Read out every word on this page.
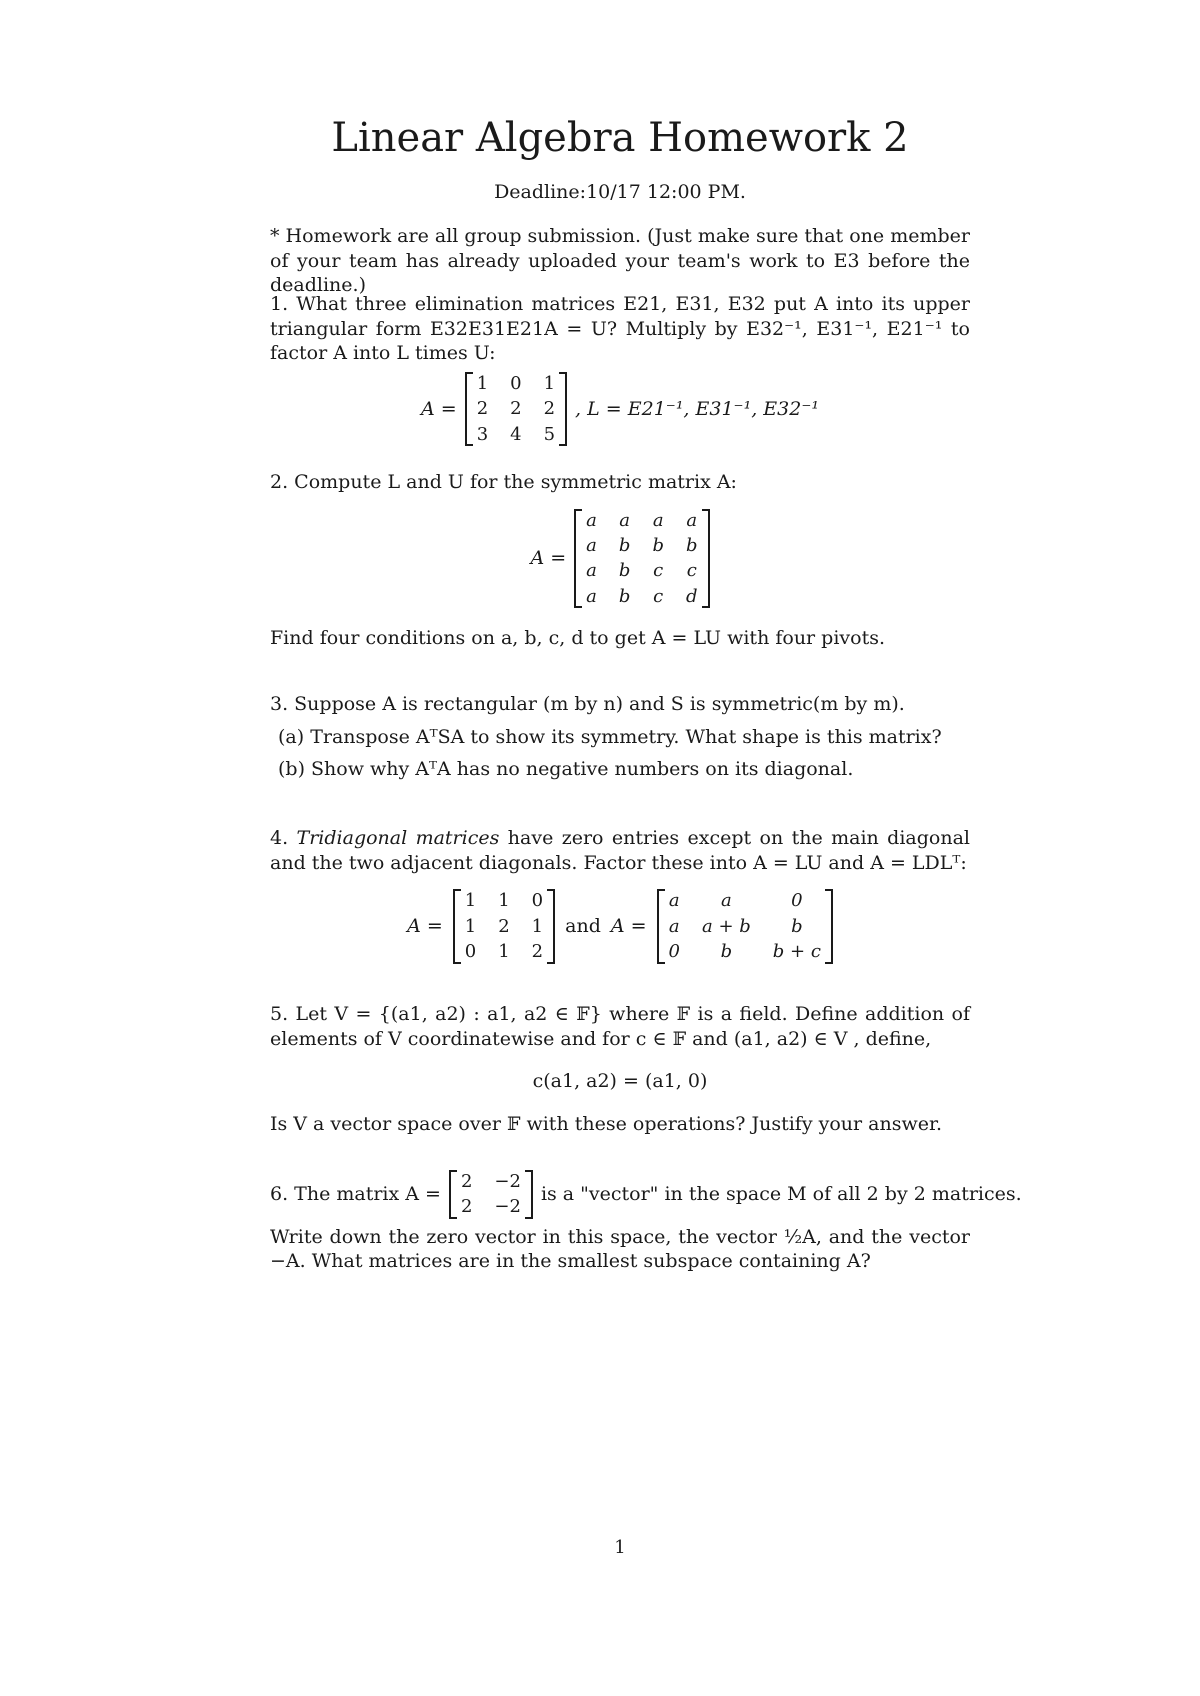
Linear Algebra Homework 2
Deadline:10/17 12:00 PM.

* Homework are all group submission. (Just make sure that one member of your team has already uploaded your team's work to E3 before the deadline.)

1. What three elimination matrices E21, E31, E32 put A into its upper triangular form E32E31E21A = U? Multiply by E32⁻¹, E31⁻¹, E21⁻¹ to factor A into L times U:

A =
1 0 1
2 2 2
3 4 5
, L = E21⁻¹, E31⁻¹, E32⁻¹

2. Compute L and U for the symmetric matrix A:

A =
a a a a
a b b b
a b c c
a b c d

Find four conditions on a, b, c, d to get A = LU with four pivots.

3. Suppose A is rectangular (m by n) and S is symmetric(m by m).

(a) Transpose AᵀSA to show its symmetry. What shape is this matrix?
(b) Show why AᵀA has no negative numbers on its diagonal.

4. Tridiagonal matrices have zero entries except on the main diagonal and the two adjacent diagonals. Factor these into A = LU and A = LDLᵀ:

A =
1 1 0
1 2 1
0 1 2
and A =
a	a	0
a a + b	b
0	b	b + c

5. Let V = {(a1, a2) : a1, a2 ∈ 𝔽} where 𝔽 is a field. Define addition of elements of V coordinatewise and for c ∈ 𝔽 and (a1, a2) ∈ V , define,

c(a1, a2) = (a1, 0)

Is V a vector space over 𝔽 with these operations? Justify your answer.

6. The matrix A =
2 −2
2 −2
is a "vector" in the space M of all 2 by 2 matrices.

Write down the zero vector in this space, the vector ½A, and the vector −A. What matrices are in the smallest subspace containing A?

1
